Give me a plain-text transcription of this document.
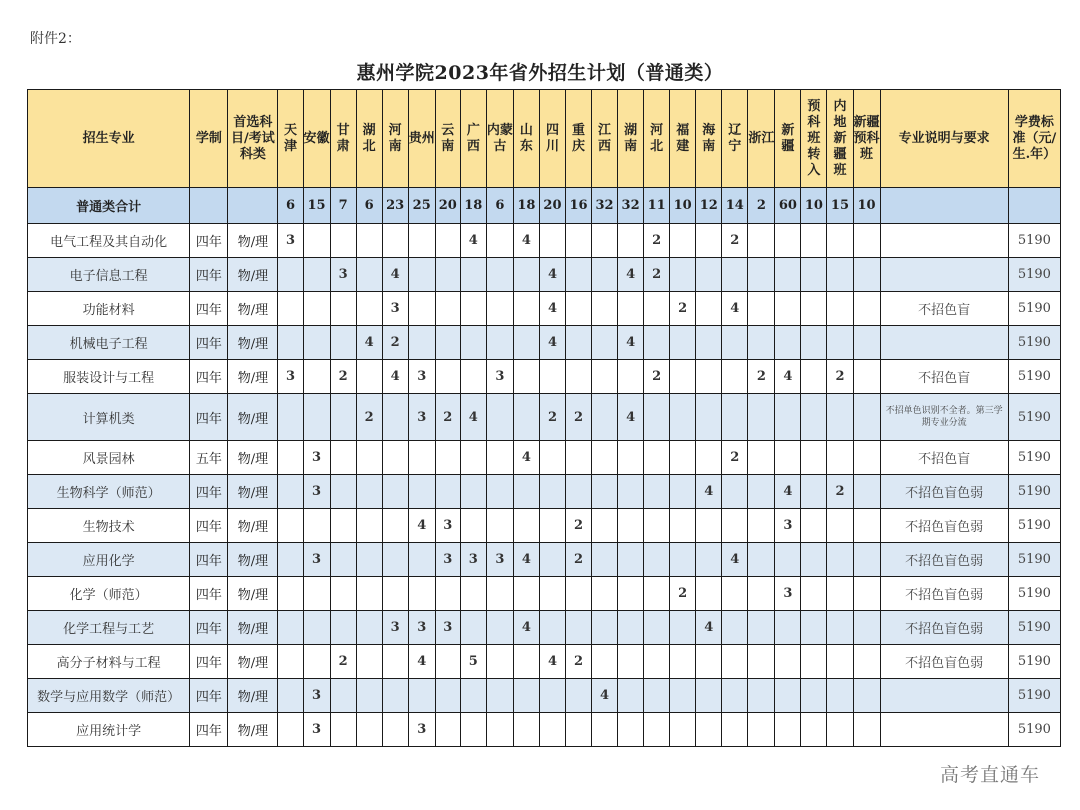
附件2：
惠州学院2023年省外招生计划（普通类）
招生专业	学制	首选科目/考试科类	天津	安徽	甘肃	湖北	河南	贵州	云南	广西	内蒙古	山东	四川	重庆	江西	湖南	河北	福建	海南	辽宁	浙江	新疆	预科班转入	内地新疆班	新疆预科班	专业说明与要求	学费标准（元/生.年）
普通类合计			6	15	7	6	23	25	20	18	6	18	20	16	32	32	11	10	12	14	2	60	10	15	10		
电气工程及其自动化	四年	物/理	3							4		4					2			2							5190
电子信息工程	四年	物/理			3		4						4			4	2										5190
功能材料	四年	物/理					3						4					2		4						不招色盲	5190
机械电子工程	四年	物/理				4	2						4			4											5190
服装设计与工程	四年	物/理	3		2		4	3			3						2				2	4		2		不招色盲	5190
计算机类	四年	物/理				2		3	2	4			2	2		4										不招单色识别不全者。第三学期专业分流	5190
风景园林	五年	物/理		3								4								2						不招色盲	5190
生物科学（师范）	四年	物/理		3															4			4		2		不招色盲色弱	5190
生物技术	四年	物/理						4	3					2								3				不招色盲色弱	5190
应用化学	四年	物/理		3					3	3	3	4		2						4						不招色盲色弱	5190
化学（师范）	四年	物/理																2				3				不招色盲色弱	5190
化学工程与工艺	四年	物/理					3	3	3			4							4							不招色盲色弱	5190
高分子材料与工程	四年	物/理			2			4		5			4	2												不招色盲色弱	5190
数学与应用数学（师范）	四年	物/理		3											4												5190
应用统计学	四年	物/理		3				3																			5190
高考直通车
